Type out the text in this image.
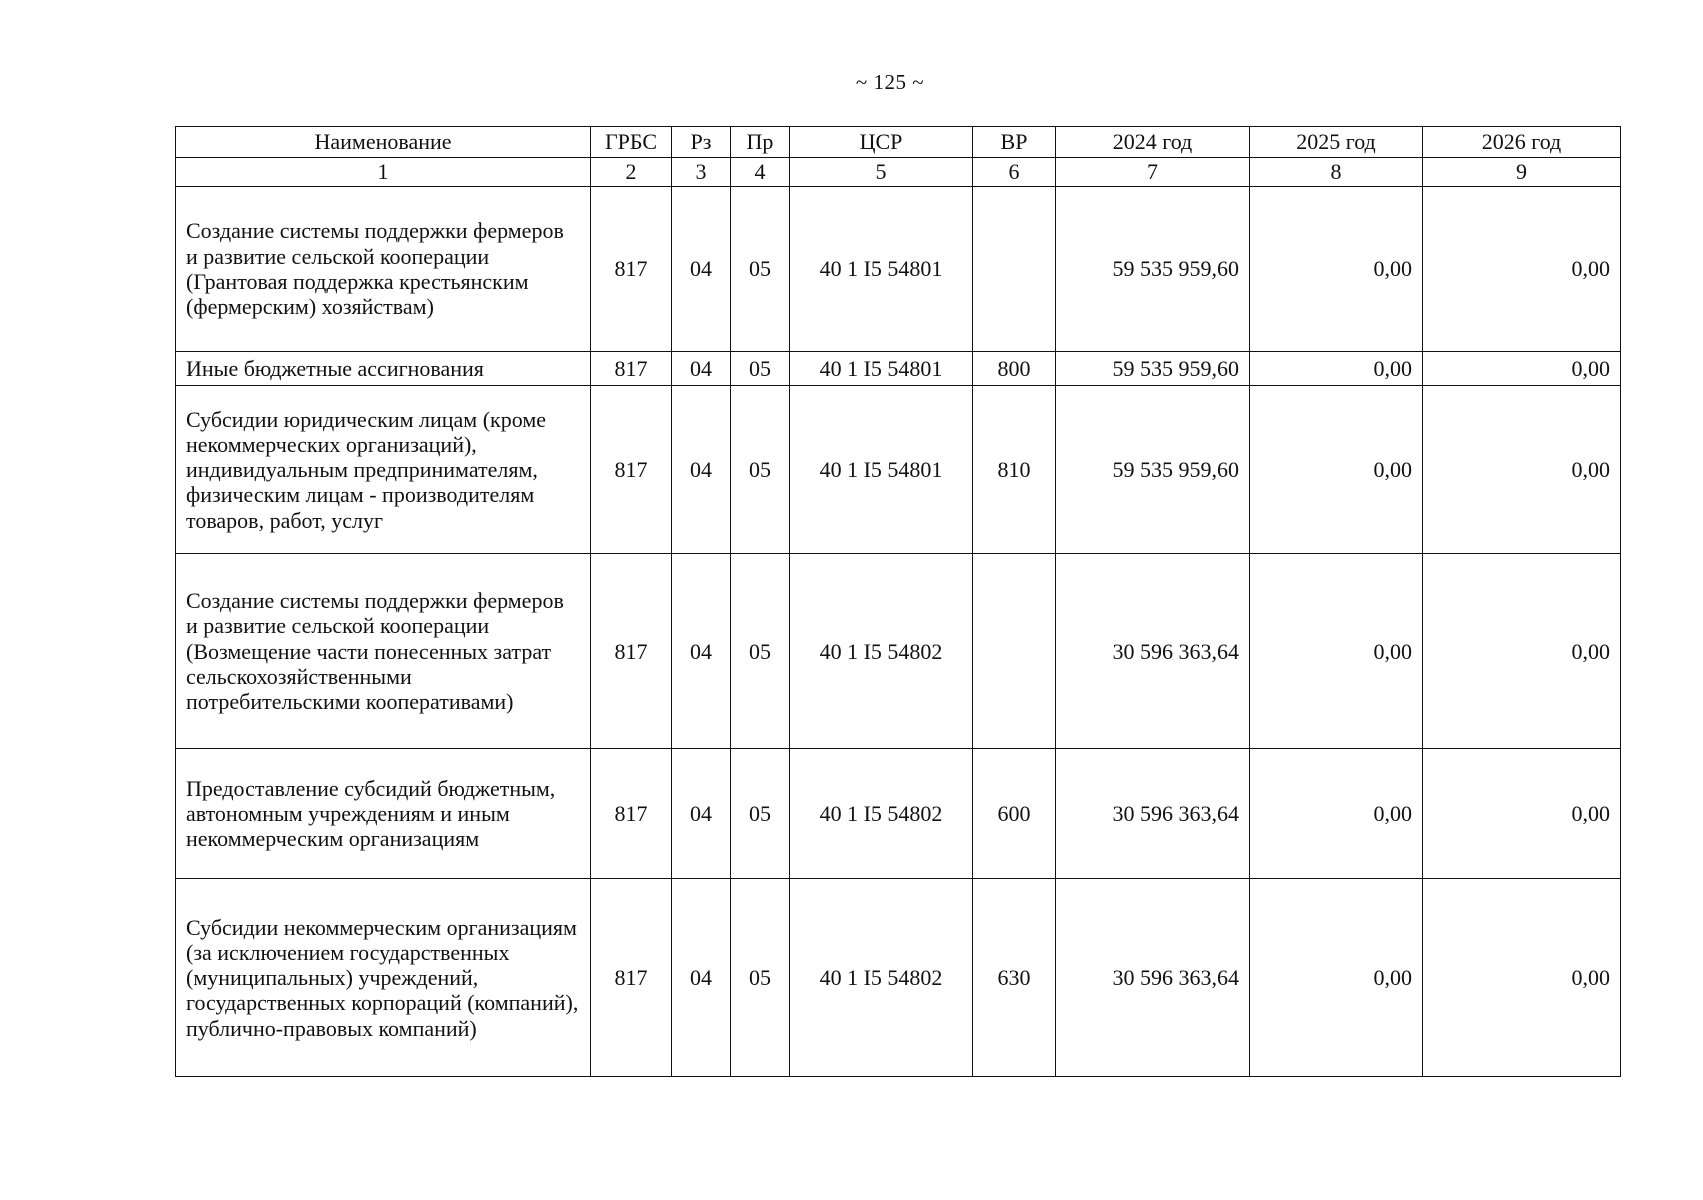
~ 125 ~
Наименование	ГРБС	Рз	Пр	ЦСР	ВР	2024 год	2025 год	2026 год
1	2	3	4	5	6	7	8	9
Создание системы поддержки фермеров и развитие сельской кооперации (Грантовая поддержка крестьянским (фермерским) хозяйствам)	817	04	05	40 1 I5 54801		59 535 959,60	0,00	0,00
Иные бюджетные ассигнования	817	04	05	40 1 I5 54801	800	59 535 959,60	0,00	0,00
Субсидии юридическим лицам (кроме некоммерческих организаций), индивидуальным предпринимателям, физическим лицам - производителям товаров, работ, услуг	817	04	05	40 1 I5 54801	810	59 535 959,60	0,00	0,00
Создание системы поддержки фермеров и развитие сельской кооперации (Возмещение части понесенных затрат сельскохозяйственными потребительскими кооперативами)	817	04	05	40 1 I5 54802		30 596 363,64	0,00	0,00
Предоставление субсидий бюджетным, автономным учреждениям и иным некоммерческим организациям	817	04	05	40 1 I5 54802	600	30 596 363,64	0,00	0,00
Субсидии некоммерческим организациям (за исключением государственных (муниципальных) учреждений, государственных корпораций (компаний), публично-правовых компаний)	817	04	05	40 1 I5 54802	630	30 596 363,64	0,00	0,00
